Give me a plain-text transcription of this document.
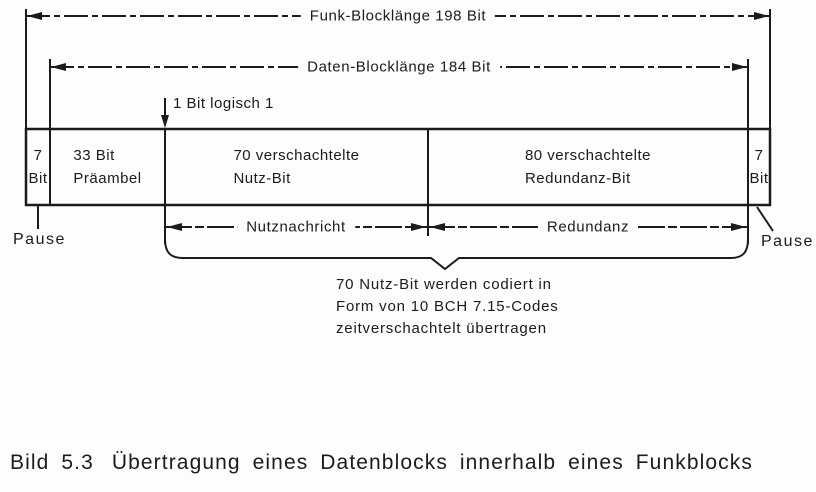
Funk-Blocklänge 198 Bit
Daten-Blocklänge 184 Bit
1 Bit logisch 1
7
Bit
33 Bit
Präambel
70 verschachtelte
Nutz-Bit
80 verschachtelte
Redundanz-Bit
7
Bit
Nutznachricht	Redundanz
Pause	Pause
70 Nutz-Bit werden codiert in
Form von 10 BCH 7.15-Codes
zeitverschachtelt übertragen
Bild 5.3 Übertragung eines Datenblocks innerhalb eines Funkblocks
